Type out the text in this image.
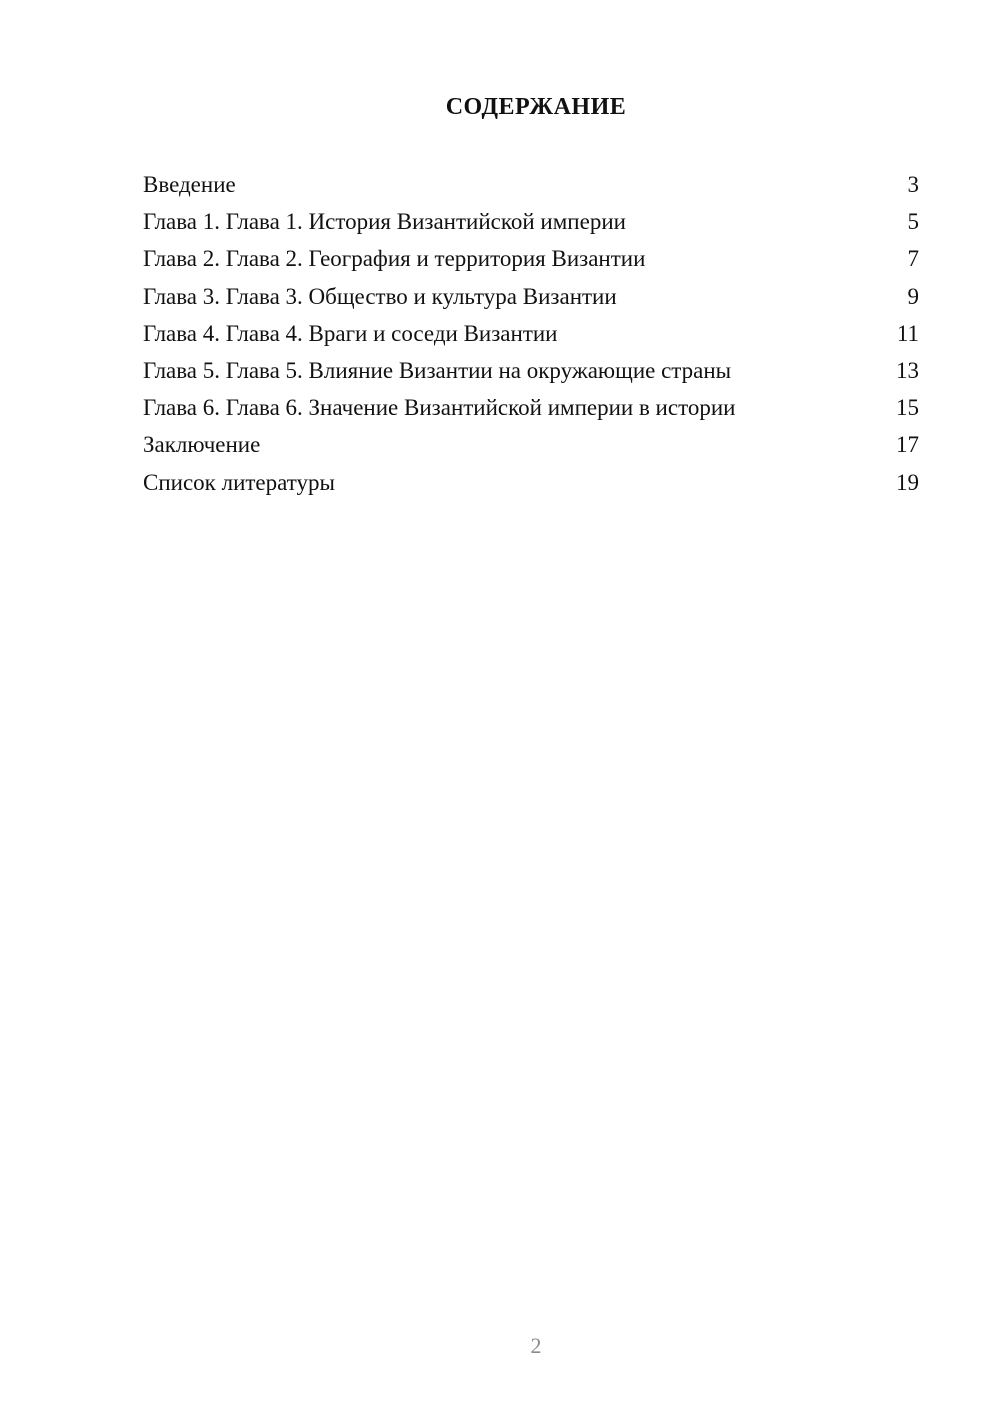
СОДЕРЖАНИЕ
Введение	3
Глава 1. Глава 1. История Византийской империи	5
Глава 2. Глава 2. География и территория Византии	7
Глава 3. Глава 3. Общество и культура Византии	9
Глава 4. Глава 4. Враги и соседи Византии	11
Глава 5. Глава 5. Влияние Византии на окружающие страны	13
Глава 6. Глава 6. Значение Византийской империи в истории	15
Заключение	17
Список литературы	19
2
